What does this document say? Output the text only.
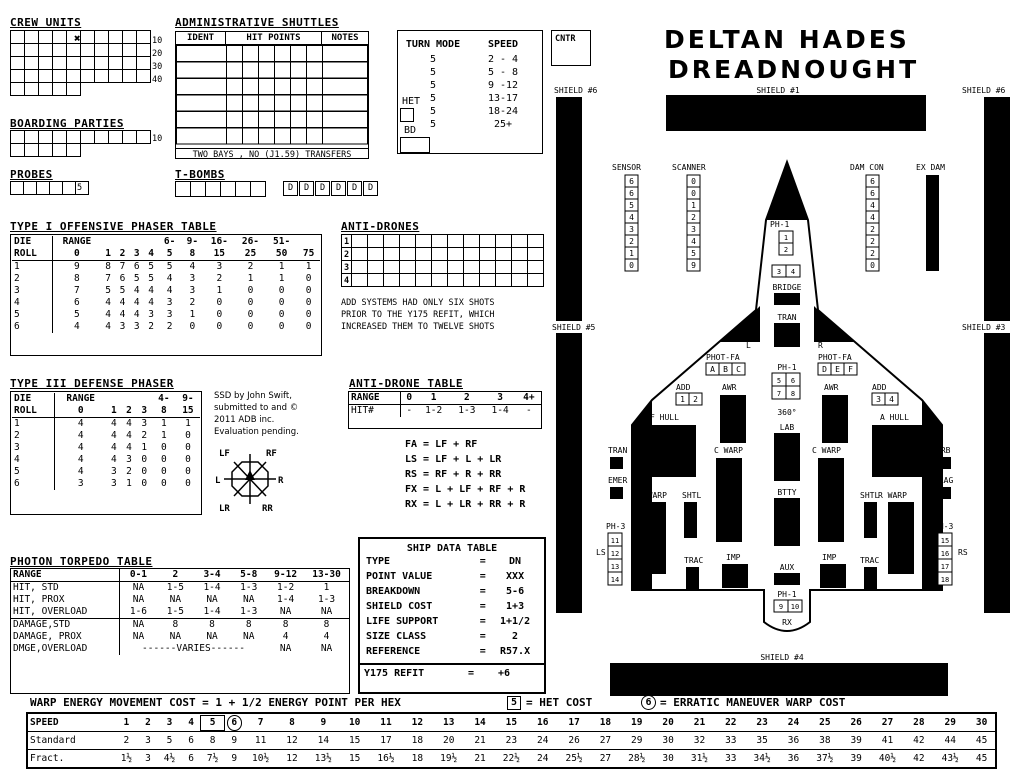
CREW UNITS
✖	10
20
30
40
BOARDING PARTIES
10
PROBES
5
T-BOMBS
D	D	D	D	D	D
ADMINISTRATIVE SHUTTLES
IDENT	HIT POINTS	NOTES
TWO BAYS , NO (J1.59) TRANSFERS
TURN MODE	SPEED
5	2 - 4
5	5 - 8
5	9 -12
5	13-17
5	18-24
5	25+
HET
BD
CNTR	DELTAN HADES
DREADNOUGHT
TYPE I OFFENSIVE PHASER TABLE
DIE	RANGE					6-	9-	16-	26-	51-	
ROLL	0	1	2	3	4	5	8	15	25	50	75
1	9	8	7	6	5	5	4	3	2	1	1
2	8	7	6	5	5	4	3	2	1	1	0
3	7	5	5	4	4	4	3	1	0	0	0
4	6	4	4	4	4	3	2	0	0	0	0
5	5	4	4	4	3	3	1	0	0	0	0
6	4	4	3	3	2	2	0	0	0	0	0
TYPE III DEFENSE PHASER
DIE	RANGE				4-	9-
ROLL	0	1	2	3	8	15
1	4	4	4	3	1	1
2	4	4	4	2	1	0
3	4	4	4	1	0	0
4	4	4	3	0	0	0
5	4	3	2	0	0	0
6	3	3	1	0	0	0
SSD by John Swift,
submitted to and ©
2011 ADB inc.
Evaluation pending.
LF	RF
L	R
LR	RR
ANTI-DRONES
1
2
3
4
ADD SYSTEMS HAD ONLY SIX SHOTS
PRIOR TO THE Y175 REFIT, WHICH
INCREASED THEM TO TWELVE SHOTS
ANTI-DRONE TABLE
RANGE	0	1	2	3	4+
HIT#	-	1-2	1-3	1-4	-
FA = LF + RF
LS = LF + L + LR
RS = RF + R + RR
FX = L + LF + RF + R
RX = L + LR + RR + R
PHOTON TORPEDO TABLE
RANGE	0-1	2	3-4	5-8	9-12	13-30
HIT, STD	NA	1-5	1-4	1-3	1-2	1
HIT, PROX	NA	NA	NA	NA	1-4	1-3
HIT, OVERLOAD	1-6	1-5	1-4	1-3	NA	NA
DAMAGE,STD	NA	8	8	8	8	8
DAMAGE, PROX	NA	NA	NA	NA	4	4
DMGE,OVERLOAD	------VARIES------				NA	NA
SHIP DATA TABLE
TYPE	=	DN
POINT VALUE	=	XXX
BREAKDOWN	=	5-6
SHIELD COST	=	1+3
LIFE SUPPORT	=	1+1/2
SIZE CLASS	=	2
REFERENCE	=	R57.X
Y175 REFIT	=	+6
SHIELD #1
SHIELD #6	SHIELD #6
SHIELD #5	SHIELD #3
SHIELD #4
SENSOR
6
6
5
4
3
2
1
0
SCANNER
0
0
1
2
3
4
5
9
DAM CON
6
6
4
4
2
2
2
0
EX DAM
FX
PH-1
1
2
3 4
BRIDGE
TRAN
PH-1
5 6
7 8
360°
LAB
BTTY
AUX
PH-1
9 10
RX
L
PHOT-FA
A B C
R
PHOT-FA
D E F
ADD
1 2
ADD
3 4
AWR	AWR
F HULL	A HULL
TRAN
EMER
C WARP	C WARP	PRB
FLAG
L WARP SHTL	SHTL
R WARP
PH-3
11
12
13
14
PH-3
15
16
17
18
LS	RS
TRAC	IMP	IMP	TRAC
WARP ENERGY MOVEMENT COST = 1 + 1/2 ENERGY POINT PER HEX	5 = HET COST	6 = ERRATIC MANEUVER WARP COST
SPEED	1	2	3	4	5	6	7	8	9	10	11	12	13	14	15	16	17	18	19	20	21	22	23	24	25	26	27	28	29	30
Standard	2	3	5	6	8	9	11	12	14	15	17	18	20	21	23	24	26	27	29	30	32	33	35	36	38	39	41	42	44	45
Fract.	1½	3	4½	6	7½	9	10½	12	13½	15	16½	18	19½	21	22½	24	25½	27	28½	30	31½	33	34½	36	37½	39	40½	42	43½	45
